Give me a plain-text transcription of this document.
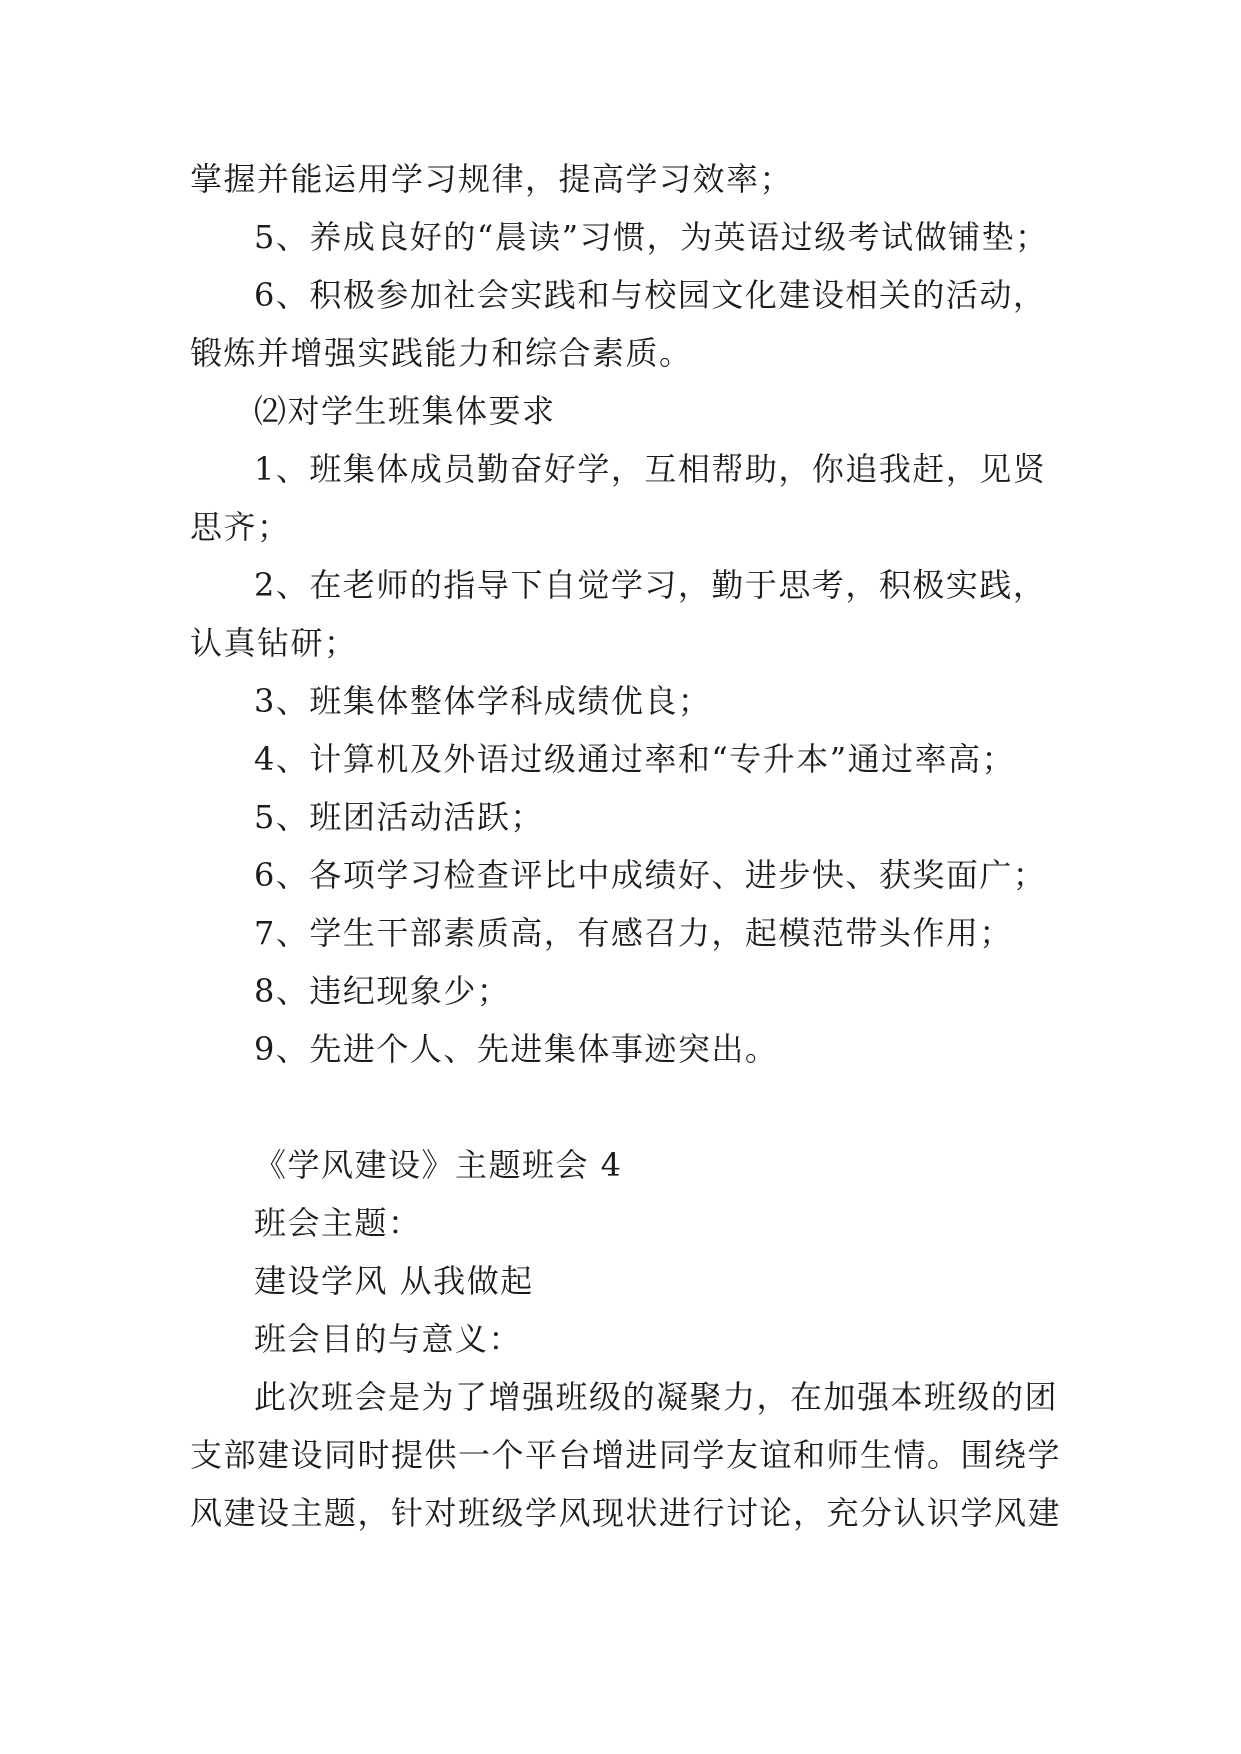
掌握并能运用学习规律，提高学习效率；

5、养成良好的“晨读”习惯，为英语过级考试做铺垫；

6、积极参加社会实践和与校园文化建设相关的活动，锻炼并增强实践能力和综合素质。

⑵对学生班集体要求

1、班集体成员勤奋好学，互相帮助，你追我赶，见贤思齐；

2、在老师的指导下自觉学习，勤于思考，积极实践，认真钻研；

3、班集体整体学科成绩优良；

4、计算机及外语过级通过率和“专升本”通过率高；

5、班团活动活跃；

6、各项学习检查评比中成绩好、进步快、获奖面广；

7、学生干部素质高，有感召力，起模范带头作用；

8、违纪现象少；

9、先进个人、先进集体事迹突出。

《学风建设》主题班会 4

班会主题：

建设学风 从我做起

班会目的与意义：

此次班会是为了增强班级的凝聚力，在加强本班级的团支部建设同时提供一个平台增进同学友谊和师生情。围绕学风建设主题，针对班级学风现状进行讨论，充分认识学风建
